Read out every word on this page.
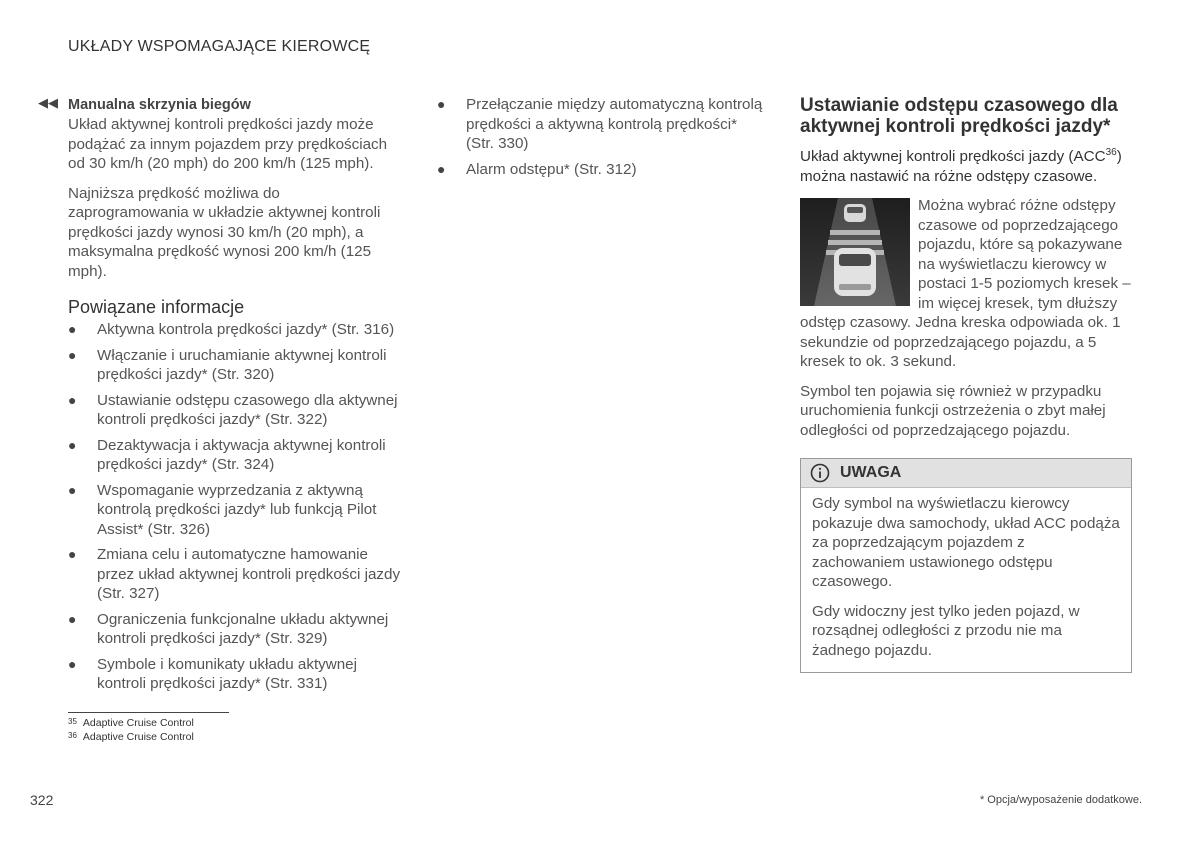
UKŁADY WSPOMAGAJĄCE KIEROWCĘ
◀◀ Manualna skrzynia biegów

Układ aktywnej kontroli prędkości jazdy może podążać za innym pojazdem przy prędkościach od 30 km/h (20 mph) do 200 km/h (125 mph).

Najniższa prędkość możliwa do zaprogramowania w układzie aktywnej kontroli prędkości jazdy wynosi 30 km/h (20 mph), a maksymalna prędkość wynosi 200 km/h (125 mph).

Powiązane informacje
● Aktywna kontrola prędkości jazdy* (Str. 316)
● Włączanie i uruchamianie aktywnej kontroli prędkości jazdy* (Str. 320)
● Ustawianie odstępu czasowego dla aktywnej kontroli prędkości jazdy* (Str. 322)
● Dezaktywacja i aktywacja aktywnej kontroli prędkości jazdy* (Str. 324)
● Wspomaganie wyprzedzania z aktywną kontrolą prędkości jazdy* lub funkcją Pilot Assist* (Str. 326)
● Zmiana celu i automatyczne hamowanie przez układ aktywnej kontroli prędkości jazdy (Str. 327)
● Ograniczenia funkcjonalne układu aktywnej kontroli prędkości jazdy* (Str. 329)
● Symbole i komunikaty układu aktywnej kontroli prędkości jazdy* (Str. 331)
● Przełączanie między automatyczną kontrolą prędkości a aktywną kontrolą prędkości* (Str. 330)
● Alarm odstępu* (Str. 312)
Ustawianie odstępu czasowego dla aktywnej kontroli prędkości jazdy*

Układ aktywnej kontroli prędkości jazdy (ACC$^{36}$) można nastawić na różne odstępy czasowe.

Można wybrać różne odstępy czasowe od poprzedzającego pojazdu, które są pokazywane na wyświetlaczu kierowcy w postaci 1-5 poziomych kresek – im więcej kresek, tym dłuższy odstęp czasowy. Jedna kreska odpowiada ok. 1 sekundzie od poprzedzającego pojazdu, a 5 kresek to ok. 3 sekund.

Symbol ten pojawia się również w przypadku uruchomienia funkcji ostrzeżenia o zbyt małej odległości od poprzedzającego pojazdu.

UWAGA

Gdy symbol na wyświetlaczu kierowcy pokazuje dwa samochody, układ ACC podąża za poprzedzającym pojazdem z zachowaniem ustawionego odstępu czasowego.

Gdy widoczny jest tylko jeden pojazd, w rozsądnej odległości z przodu nie ma żadnego pojazdu.

$^{35}$ Adaptive Cruise Control
$^{36}$ Adaptive Cruise Control
322	* Opcja/wyposażenie dodatkowe.
